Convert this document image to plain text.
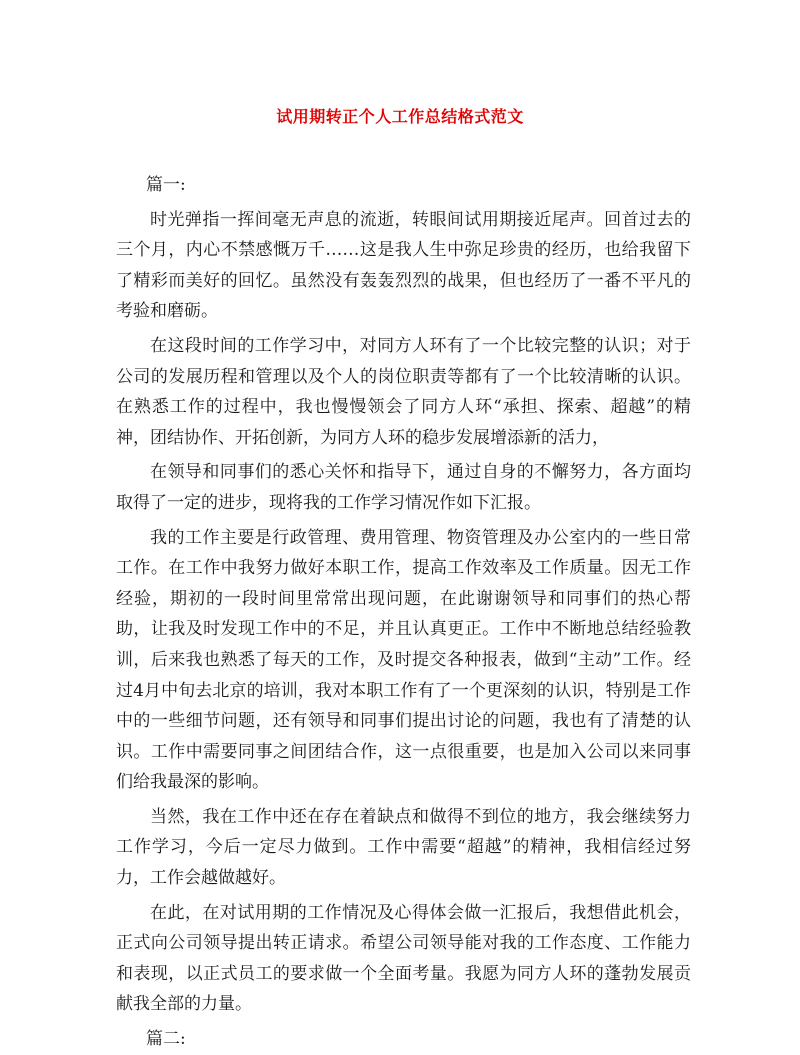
试用期转正个人工作总结格式范文

篇一:

时光弹指一挥间毫无声息的流逝，转眼间试用期接近尾声。回首过去的三个月，内心不禁感慨万千……这是我人生中弥足珍贵的经历，也给我留下了精彩而美好的回忆。虽然没有轰轰烈烈的战果，但也经历了一番不平凡的考验和磨砺。

在这段时间的工作学习中，对同方人环有了一个比较完整的认识；对于公司的发展历程和管理以及个人的岗位职责等都有了一个比较清晰的认识。在熟悉工作的过程中，我也慢慢领会了同方人环“承担、探索、超越”的精神，团结协作、开拓创新，为同方人环的稳步发展增添新的活力，

在领导和同事们的悉心关怀和指导下，通过自身的不懈努力，各方面均取得了一定的进步，现将我的工作学习情况作如下汇报。

我的工作主要是行政管理、费用管理、物资管理及办公室内的一些日常工作。在工作中我努力做好本职工作，提高工作效率及工作质量。因无工作经验，期初的一段时间里常常出现问题，在此谢谢领导和同事们的热心帮助，让我及时发现工作中的不足，并且认真更正。工作中不断地总结经验教训，后来我也熟悉了每天的工作，及时提交各种报表，做到“主动”工作。经过4月中旬去北京的培训，我对本职工作有了一个更深刻的认识，特别是工作中的一些细节问题，还有领导和同事们提出讨论的问题，我也有了清楚的认识。工作中需要同事之间团结合作，这一点很重要，也是加入公司以来同事们给我最深的影响。

当然，我在工作中还在存在着缺点和做得不到位的地方，我会继续努力工作学习，今后一定尽力做到。工作中需要“超越”的精神，我相信经过努力，工作会越做越好。

在此，在对试用期的工作情况及心得体会做一汇报后，我想借此机会，正式向公司领导提出转正请求。希望公司领导能对我的工作态度、工作能力和表现，以正式员工的要求做一个全面考量。我愿为同方人环的蓬勃发展贡献我全部的力量。

篇二:
